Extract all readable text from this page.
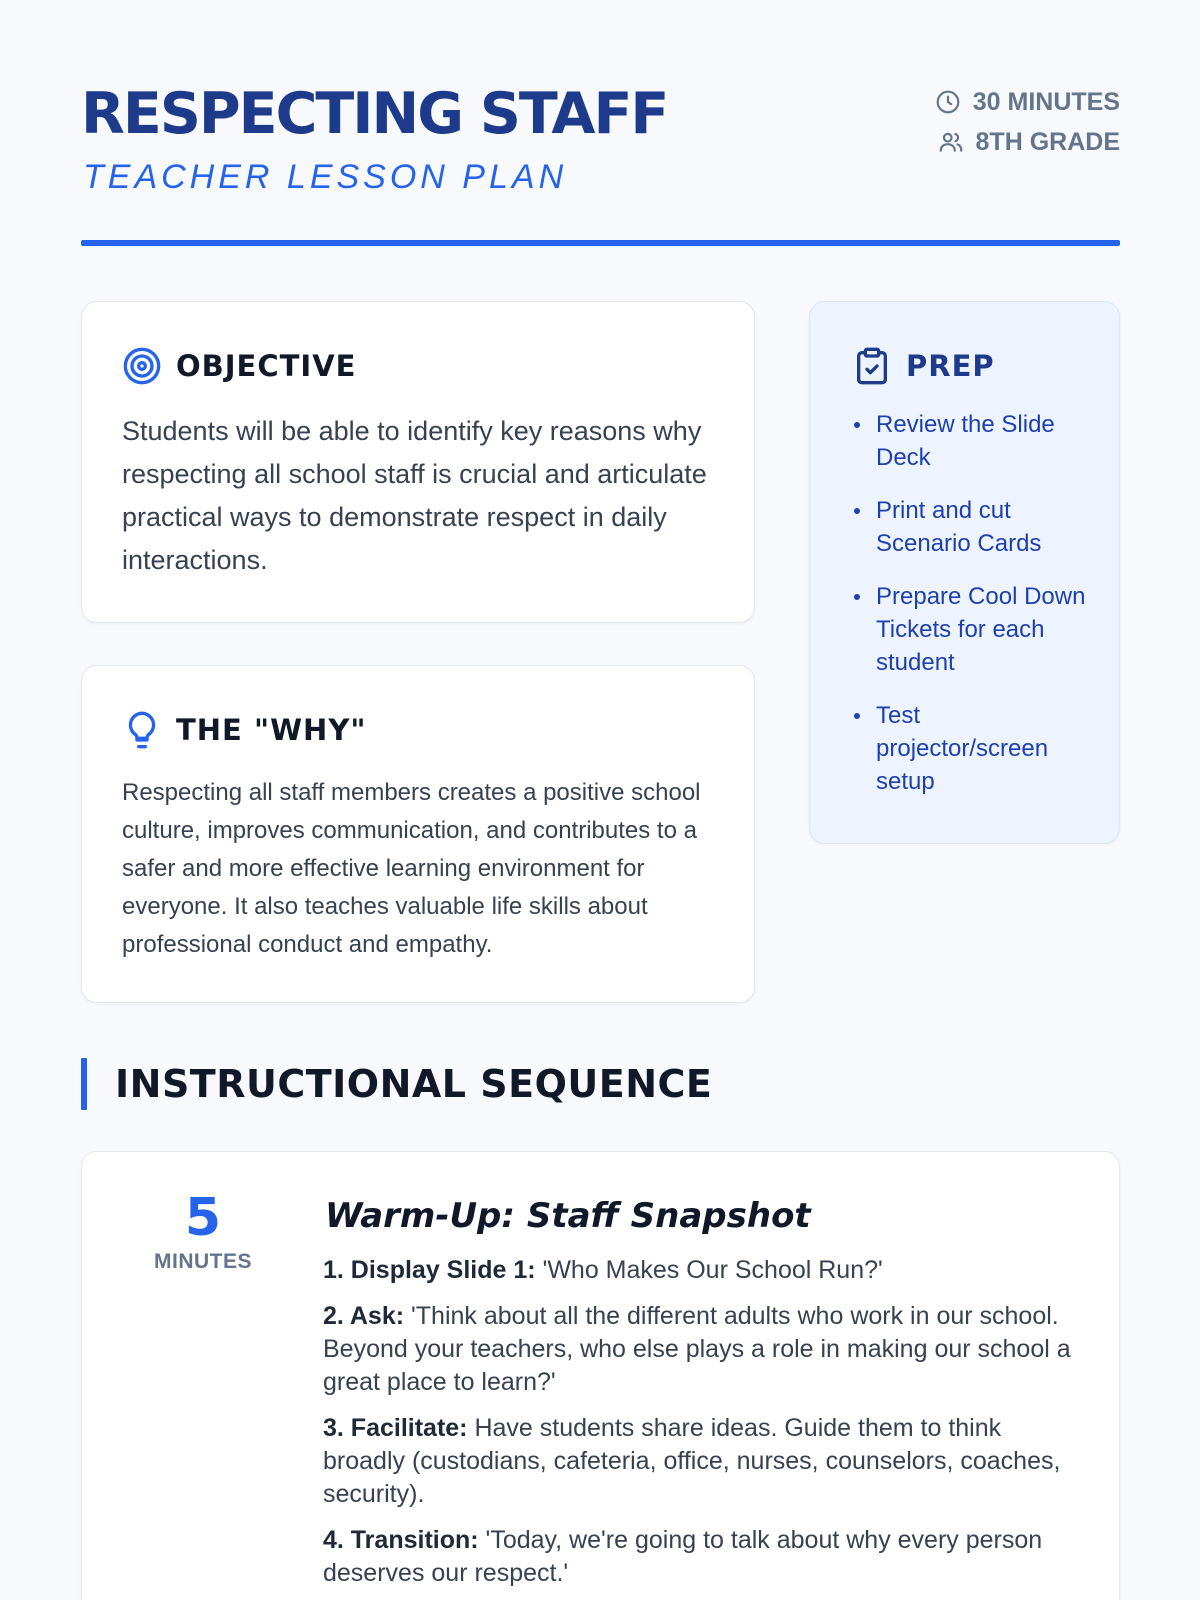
RESPECTING STAFF
TEACHER LESSON PLAN
30 MINUTES
8TH GRADE
OBJECTIVE

Students will be able to identify key reasons why respecting all school staff is crucial and articulate practical ways to demonstrate respect in daily interactions.

THE "WHY"

Respecting all staff members creates a positive school culture, improves communication, and contributes to a safer and more effective learning environment for everyone. It also teaches valuable life skills about professional conduct and empathy.

PREP
Review the Slide Deck
Print and cut Scenario Cards
Prepare Cool Down Tickets for each student
Test projector/screen setup
INSTRUCTIONAL SEQUENCE
5
MINUTES
Warm-Up: Staff Snapshot

1. Display Slide 1: 'Who Makes Our School Run?'

2. Ask: 'Think about all the different adults who work in our school. Beyond your teachers, who else plays a role in making our school a great place to learn?'

3. Facilitate: Have students share ideas. Guide them to think broadly (custodians, cafeteria, office, nurses, counselors, coaches, security).

4. Transition: 'Today, we're going to talk about why every person deserves our respect.'
